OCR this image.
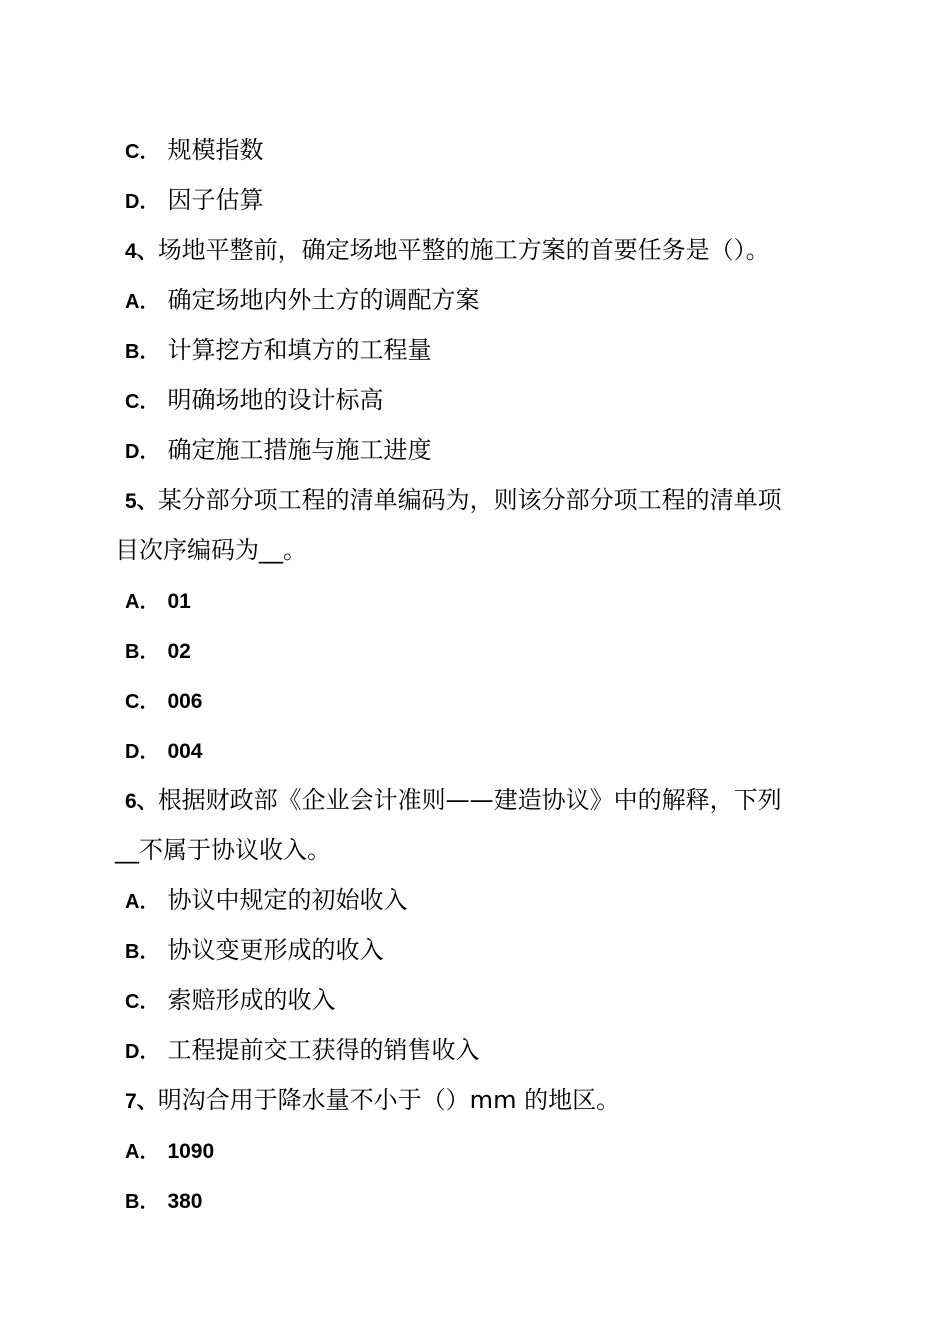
C． 规模指数
D． 因子估算
4、场地平整前，确定场地平整的施工方案的首要任务是（）。
A． 确定场地内外土方的调配方案
B． 计算挖方和填方的工程量
C． 明确场地的设计标高
D． 确定施工措施与施工进度
5、某分部分项工程的清单编码为，则该分部分项工程的清单项
目次序编码为__。
A． 01
B． 02
C． 006
D． 004
6、根据财政部《企业会计准则——建造协议》中的解释，下列
__不属于协议收入。
A． 协议中规定的初始收入
B． 协议变更形成的收入
C． 索赔形成的收入
D． 工程提前交工获得的销售收入
7、明沟合用于降水量不小于（）mm 的地区。
A． 1090
B． 380
